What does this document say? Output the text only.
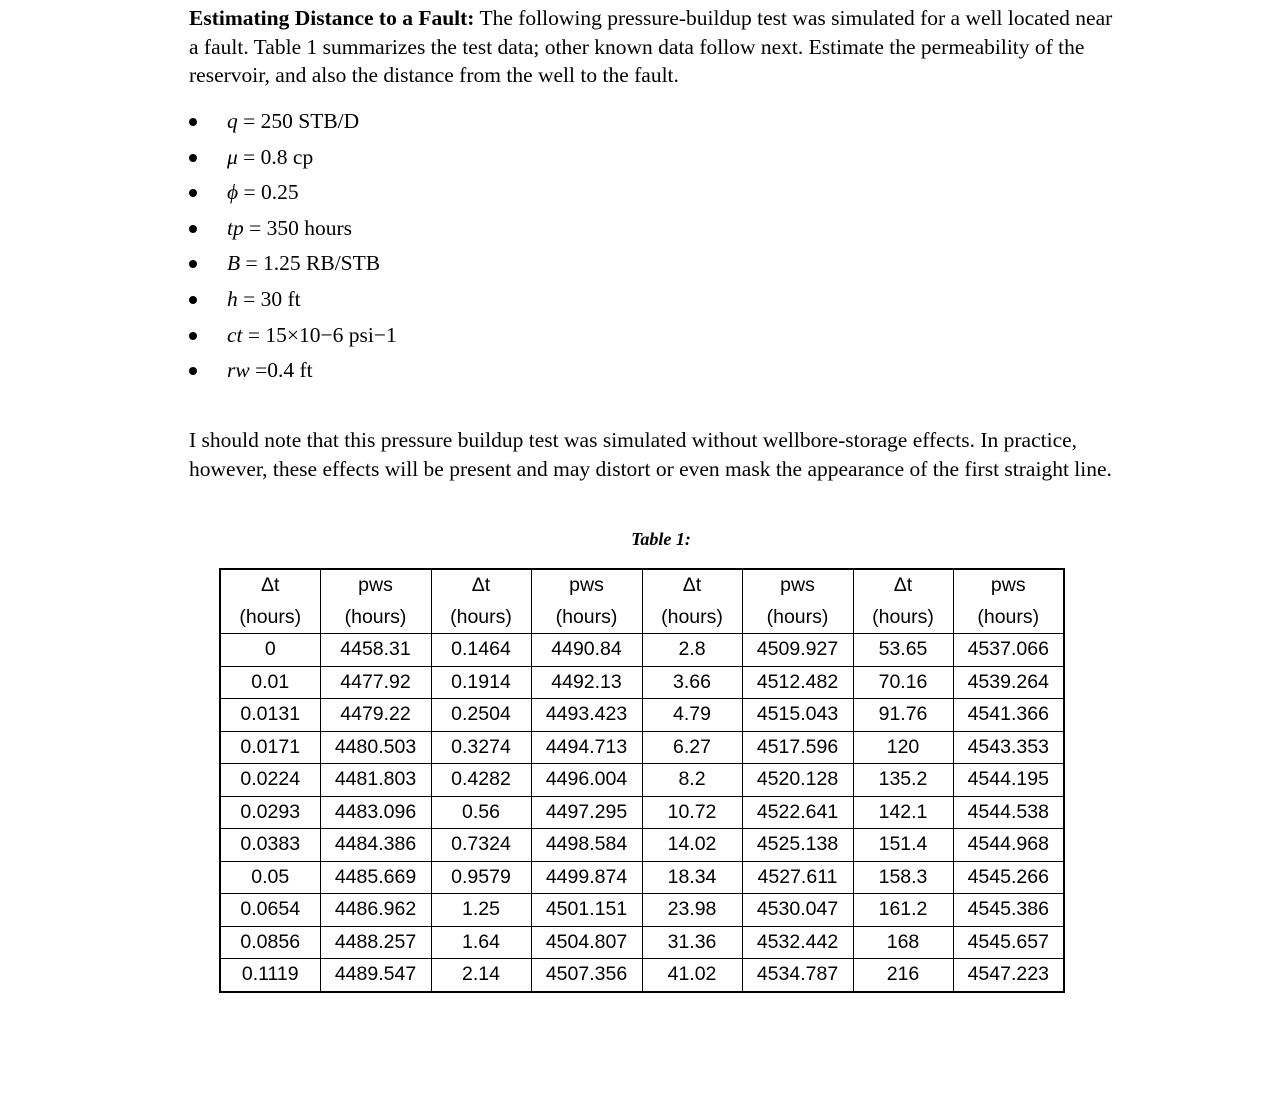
Estimating Distance to a Fault: The following pressure-buildup test was simulated for a well located near a fault. Table 1 summarizes the test data; other known data follow next. Estimate the permeability of the reservoir, and also the distance from the well to the fault.
q = 250 STB/D
μ = 0.8 cp
ϕ = 0.25
tp = 350 hours
B = 1.25 RB/STB
h = 30 ft
ct = 15×10−6 psi−1
rw =0.4 ft
I should note that this pressure buildup test was simulated without wellbore-storage effects. In practice, however, these effects will be present and may distort or even mask the appearance of the first straight line.
Table 1:
Δt	pws	Δt	pws	Δt	pws	Δt	pws
(hours)	(hours)	(hours)	(hours)	(hours)	(hours)	(hours)	(hours)
0	4458.31	0.1464	4490.84	2.8	4509.927	53.65	4537.066
0.01	4477.92	0.1914	4492.13	3.66	4512.482	70.16	4539.264
0.0131	4479.22	0.2504	4493.423	4.79	4515.043	91.76	4541.366
0.0171	4480.503	0.3274	4494.713	6.27	4517.596	120	4543.353
0.0224	4481.803	0.4282	4496.004	8.2	4520.128	135.2	4544.195
0.0293	4483.096	0.56	4497.295	10.72	4522.641	142.1	4544.538
0.0383	4484.386	0.7324	4498.584	14.02	4525.138	151.4	4544.968
0.05	4485.669	0.9579	4499.874	18.34	4527.611	158.3	4545.266
0.0654	4486.962	1.25	4501.151	23.98	4530.047	161.2	4545.386
0.0856	4488.257	1.64	4504.807	31.36	4532.442	168	4545.657
0.1119	4489.547	2.14	4507.356	41.02	4534.787	216	4547.223
